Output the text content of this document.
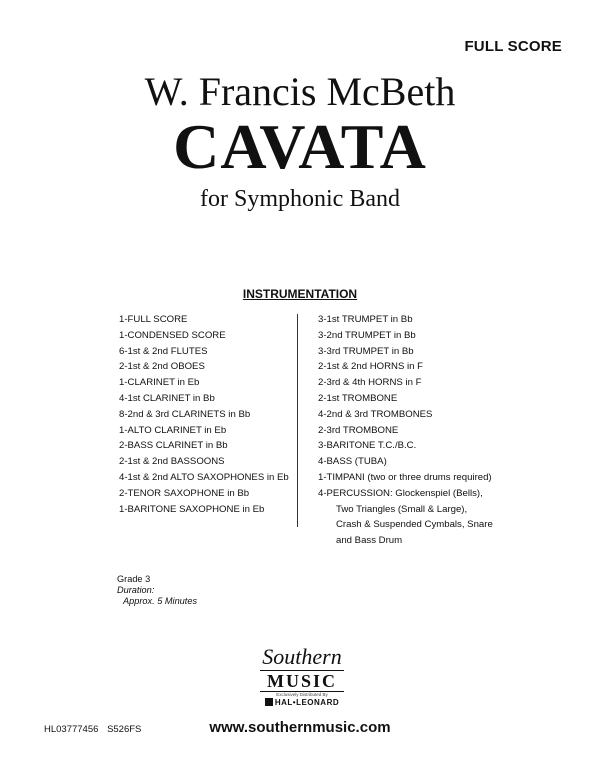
FULL SCORE
W. Francis McBeth
CAVATA
for Symphonic Band
INSTRUMENTATION
1-FULL SCORE
1-CONDENSED SCORE
6-1st & 2nd FLUTES
2-1st & 2nd OBOES
1-CLARINET in Eb
4-1st CLARINET in Bb
8-2nd & 3rd CLARINETS in Bb
1-ALTO CLARINET in Eb
2-BASS CLARINET in Bb
2-1st & 2nd BASSOONS
4-1st & 2nd ALTO SAXOPHONES in Eb
2-TENOR SAXOPHONE in Bb
1-BARITONE SAXOPHONE in Eb
3-1st TRUMPET in Bb
3-2nd TRUMPET in Bb
3-3rd TRUMPET in Bb
2-1st & 2nd HORNS in F
2-3rd & 4th HORNS in F
2-1st TROMBONE
4-2nd & 3rd TROMBONES
2-3rd TROMBONE
3-BARITONE T.C./B.C.
4-BASS (TUBA)
1-TIMPANI (two or three drums required)
4-PERCUSSION: Glockenspiel (Bells),
Two Triangles (Small & Large),
Crash & Suspended Cymbals, Snare
and Bass Drum
Grade 3
Duration:
Approx. 5 Minutes
Southern
MUSIC
Exclusively Distributed By
HAL•LEONARD
HL03777456 S526FS	www.southernmusic.com
